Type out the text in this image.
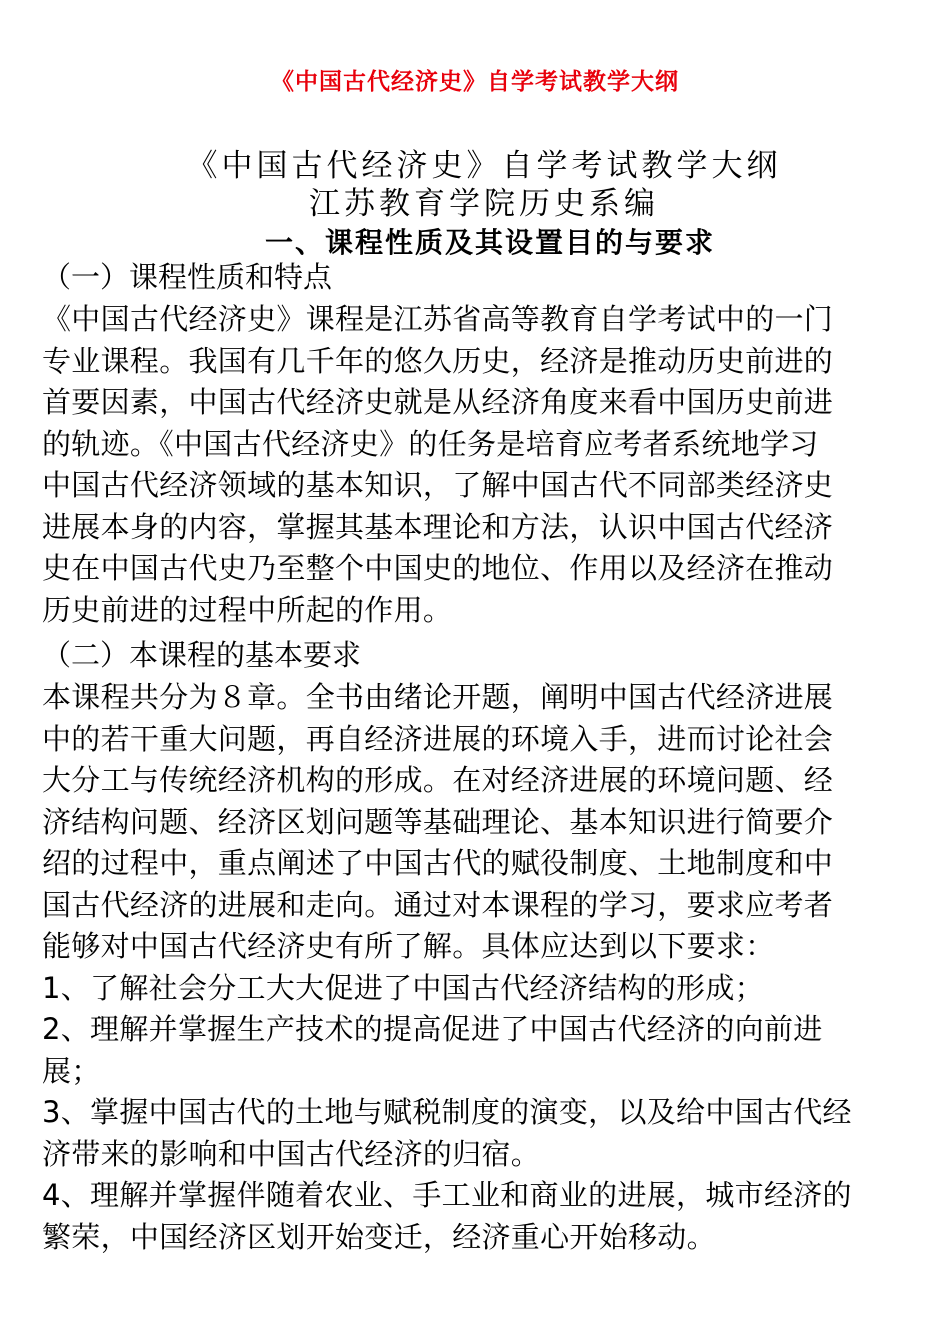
《中国古代经济史》自学考试教学大纲
《中国古代经济史》自学考试教学大纲
江苏教育学院历史系编
一、课程性质及其设置目的与要求
（一）课程性质和特点
《中国古代经济史》课程是江苏省高等教育自学考试中的一门
专业课程。我国有几千年的悠久历史，经济是推动历史前进的
首要因素，中国古代经济史就是从经济角度来看中国历史前进
的轨迹。《中国古代经济史》的任务是培育应考者系统地学习
中国古代经济领域的基本知识，了解中国古代不同部类经济史
进展本身的内容，掌握其基本理论和方法，认识中国古代经济
史在中国古代史乃至整个中国史的地位、作用以及经济在推动
历史前进的过程中所起的作用。
（二）本课程的基本要求
本课程共分为８章。全书由绪论开题，阐明中国古代经济进展
中的若干重大问题，再自经济进展的环境入手，进而讨论社会
大分工与传统经济机构的形成。在对经济进展的环境问题、经
济结构问题、经济区划问题等基础理论、基本知识进行简要介
绍的过程中，重点阐述了中国古代的赋役制度、土地制度和中
国古代经济的进展和走向。通过对本课程的学习，要求应考者
能够对中国古代经济史有所了解。具体应达到以下要求：
1、了解社会分工大大促进了中国古代经济结构的形成；
2、理解并掌握生产技术的提高促进了中国古代经济的向前进
展；
3、掌握中国古代的土地与赋税制度的演变，以及给中国古代经
济带来的影响和中国古代经济的归宿。
4、理解并掌握伴随着农业、手工业和商业的进展，城市经济的
繁荣，中国经济区划开始变迁，经济重心开始移动。
